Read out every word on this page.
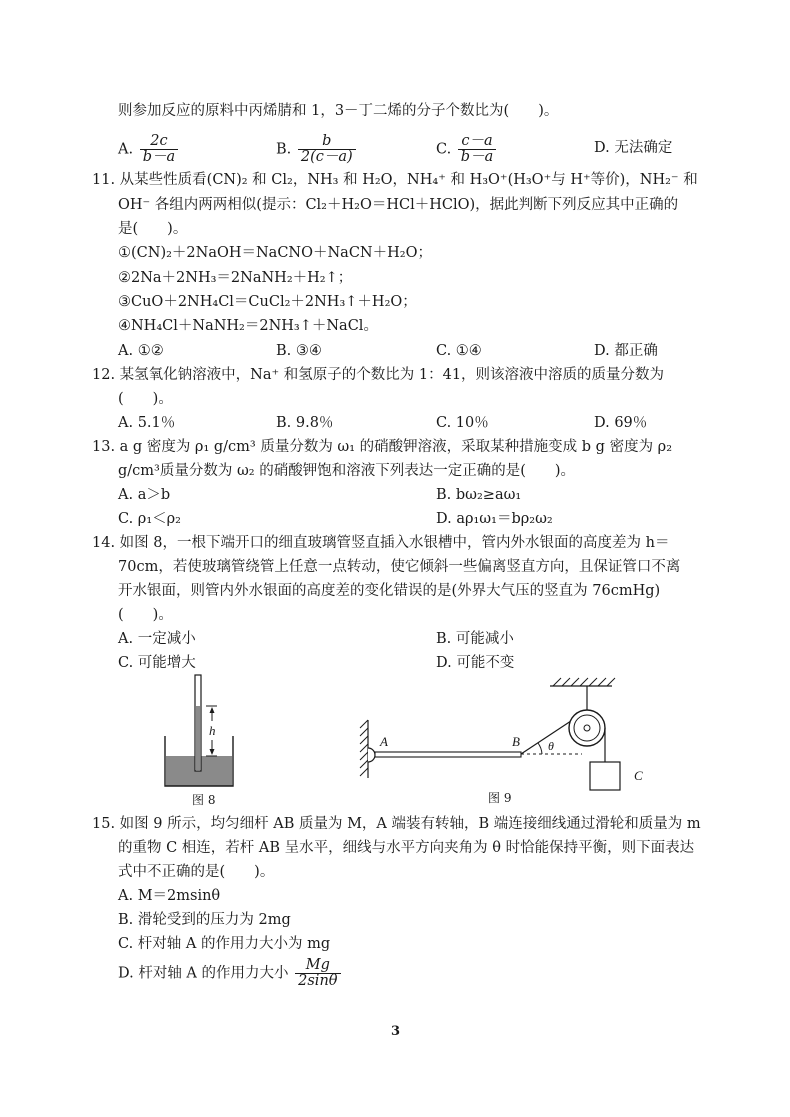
则参加反应的原料中丙烯腈和 1，3－丁二烯的分子个数比为(　　)。
A. $\frac{2c}{b-a}$	B. $\frac{b}{2(c-a)}$	C. $\frac{c-a}{b-a}$	D. 无法确定
11. 从某些性质看(CN)₂ 和 Cl₂，NH₃ 和 H₂O，NH₄⁺ 和 H₃O⁺(H₃O⁺与 H⁺等价)，NH₂⁻ 和
OH⁻ 各组内两两相似(提示：Cl₂＋H₂O＝HCl＋HClO)，据此判断下列反应其中正确的
是(　　)。
①(CN)₂＋2NaOH＝NaCNO＋NaCN＋H₂O；
②2Na＋2NH₃＝2NaNH₂＋H₂↑；
③CuO＋2NH₄Cl＝CuCl₂＋2NH₃↑＋H₂O；
④NH₄Cl＋NaNH₂＝2NH₃↑＋NaCl。
A. ①②	B. ③④	C. ①④	D. 都正确
12. 某氢氧化钠溶液中，Na⁺ 和氢原子的个数比为 1：41，则该溶液中溶质的质量分数为
(　　)。
A. 5.1％	B. 9.8％	C. 10％	D. 69％
13. a g 密度为 ρ₁ g/cm³ 质量分数为 ω₁ 的硝酸钾溶液，采取某种措施变成 b g 密度为 ρ₂
g/cm³质量分数为 ω₂ 的硝酸钾饱和溶液下列表达一定正确的是(　　)。
A. a＞b	B. bω₂≥aω₁
C. ρ₁＜ρ₂	D. aρ₁ω₁＝bρ₂ω₂
14. 如图 8，一根下端开口的细直玻璃管竖直插入水银槽中，管内外水银面的高度差为 h＝
70cm，若使玻璃管绕管上任意一点转动，使它倾斜一些偏离竖直方向，且保证管口不离
开水银面，则管内外水银面的高度差的变化错误的是(外界大气压的竖直为 76cmHg)
(　　)。
A. 一定减小	B. 可能减小
C. 可能增大	D. 可能不变
h
图 8
A	B θ
C
图 9
15. 如图 9 所示，均匀细杆 AB 质量为 M，A 端装有转轴，B 端连接细线通过滑轮和质量为 m
的重物 C 相连，若杆 AB 呈水平，细线与水平方向夹角为 θ 时恰能保持平衡，则下面表达
式中不正确的是(　　)。
A. M＝2msinθ
B. 滑轮受到的压力为 2mg
C. 杆对轴 A 的作用力大小为 mg
D. 杆对轴 A 的作用力大小 $\frac{Mg}{2\sin\theta}$
3
